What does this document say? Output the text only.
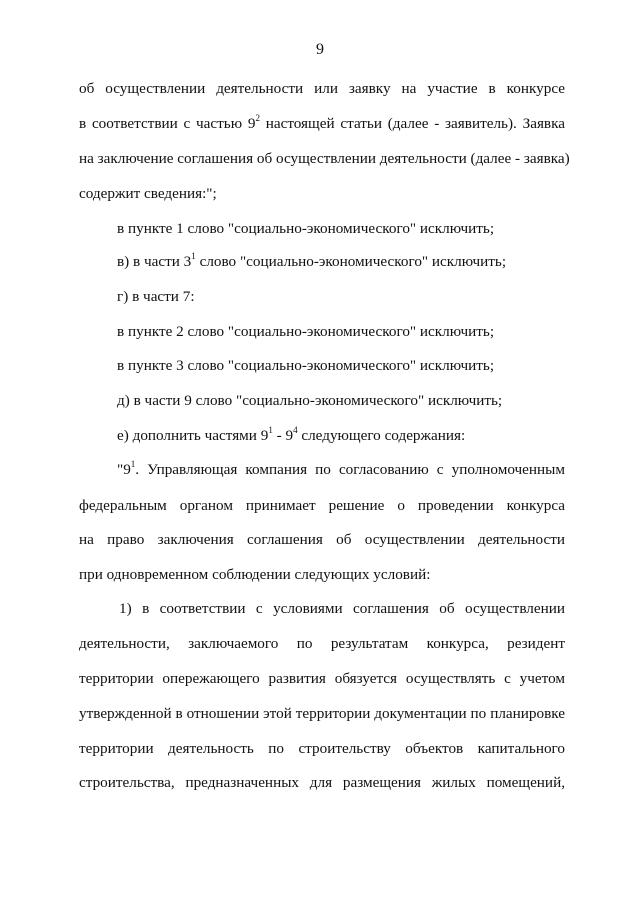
9
об осуществлении деятельности или заявку на участие в конкурсе
в соответствии с частью $9^2$ настоящей статьи (далее - заявитель). Заявка
на заключение соглашения об осуществлении деятельности (далее - заявка)
содержит сведения:";
в пункте 1 слово "социально-экономического" исключить;
в) в части $3^1$ слово "социально-экономического" исключить;
г) в части 7:
в пункте 2 слово "социально-экономического" исключить;
в пункте 3 слово "социально-экономического" исключить;
д) в части 9 слово "социально-экономического" исключить;
е) дополнить частями $9^1 - 9^4$ следующего содержания:
"$9^1$. Управляющая компания по согласованию с уполномоченным
федеральным органом принимает решение о проведении конкурса
на право заключения соглашения об осуществлении деятельности
при одновременном соблюдении следующих условий:
1) в соответствии с условиями соглашения об осуществлении
деятельности, заключаемого по результатам конкурса, резидент
территории опережающего развития обязуется осуществлять с учетом
утвержденной в отношении этой территории документации по планировке
территории деятельность по строительству объектов капитального
строительства, предназначенных для размещения жилых помещений,
